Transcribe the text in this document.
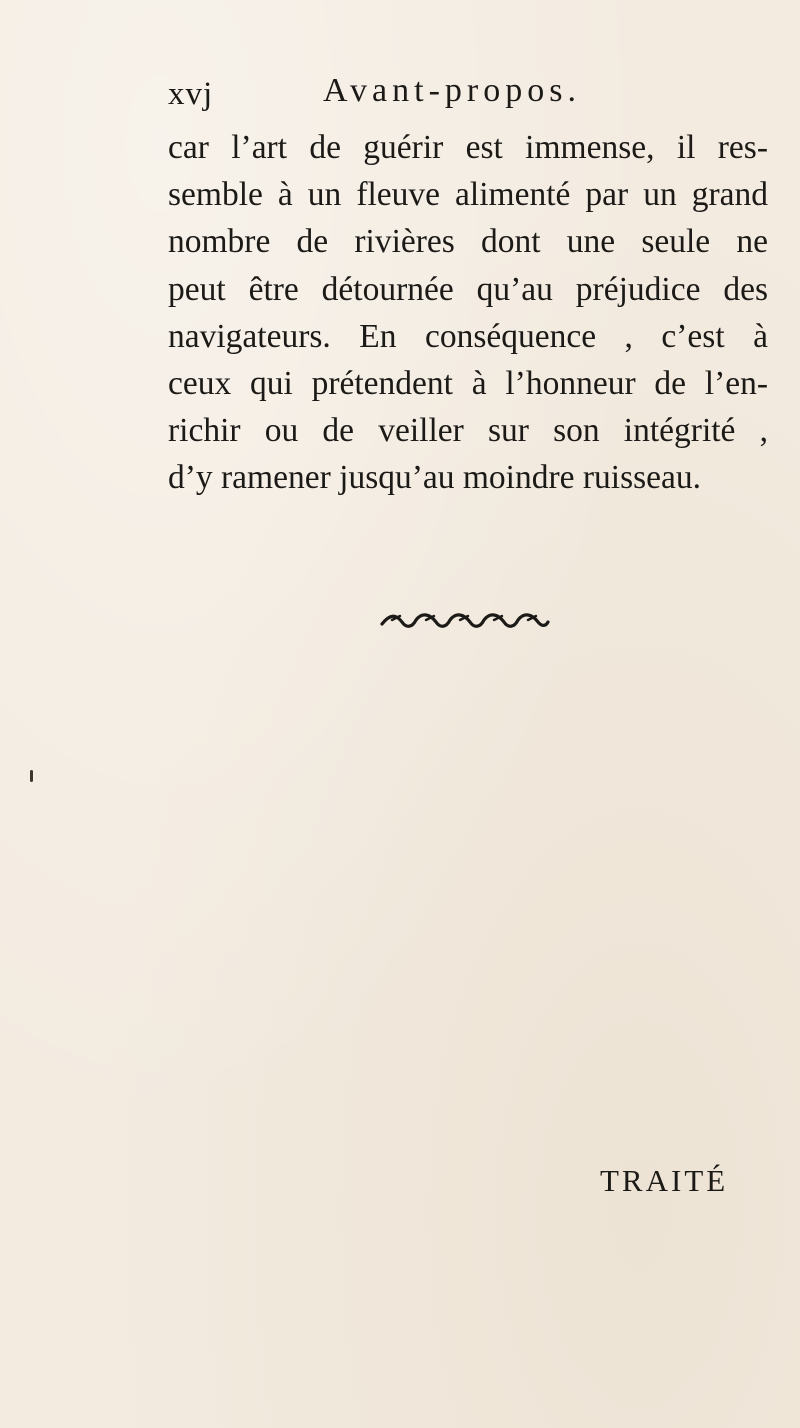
xvj	Avant-propos.
car l’art de guérir est immense, il res-
semble à un fleuve alimenté par un grand
nombre de rivières dont une seule ne
peut être détournée qu’au préjudice des
navigateurs. En conséquence , c’est à
ceux qui prétendent à l’honneur de l’en-
richir ou de veiller sur son intégrité ,
d’y ramener jusqu’au moindre ruisseau.
TRAITÉ
